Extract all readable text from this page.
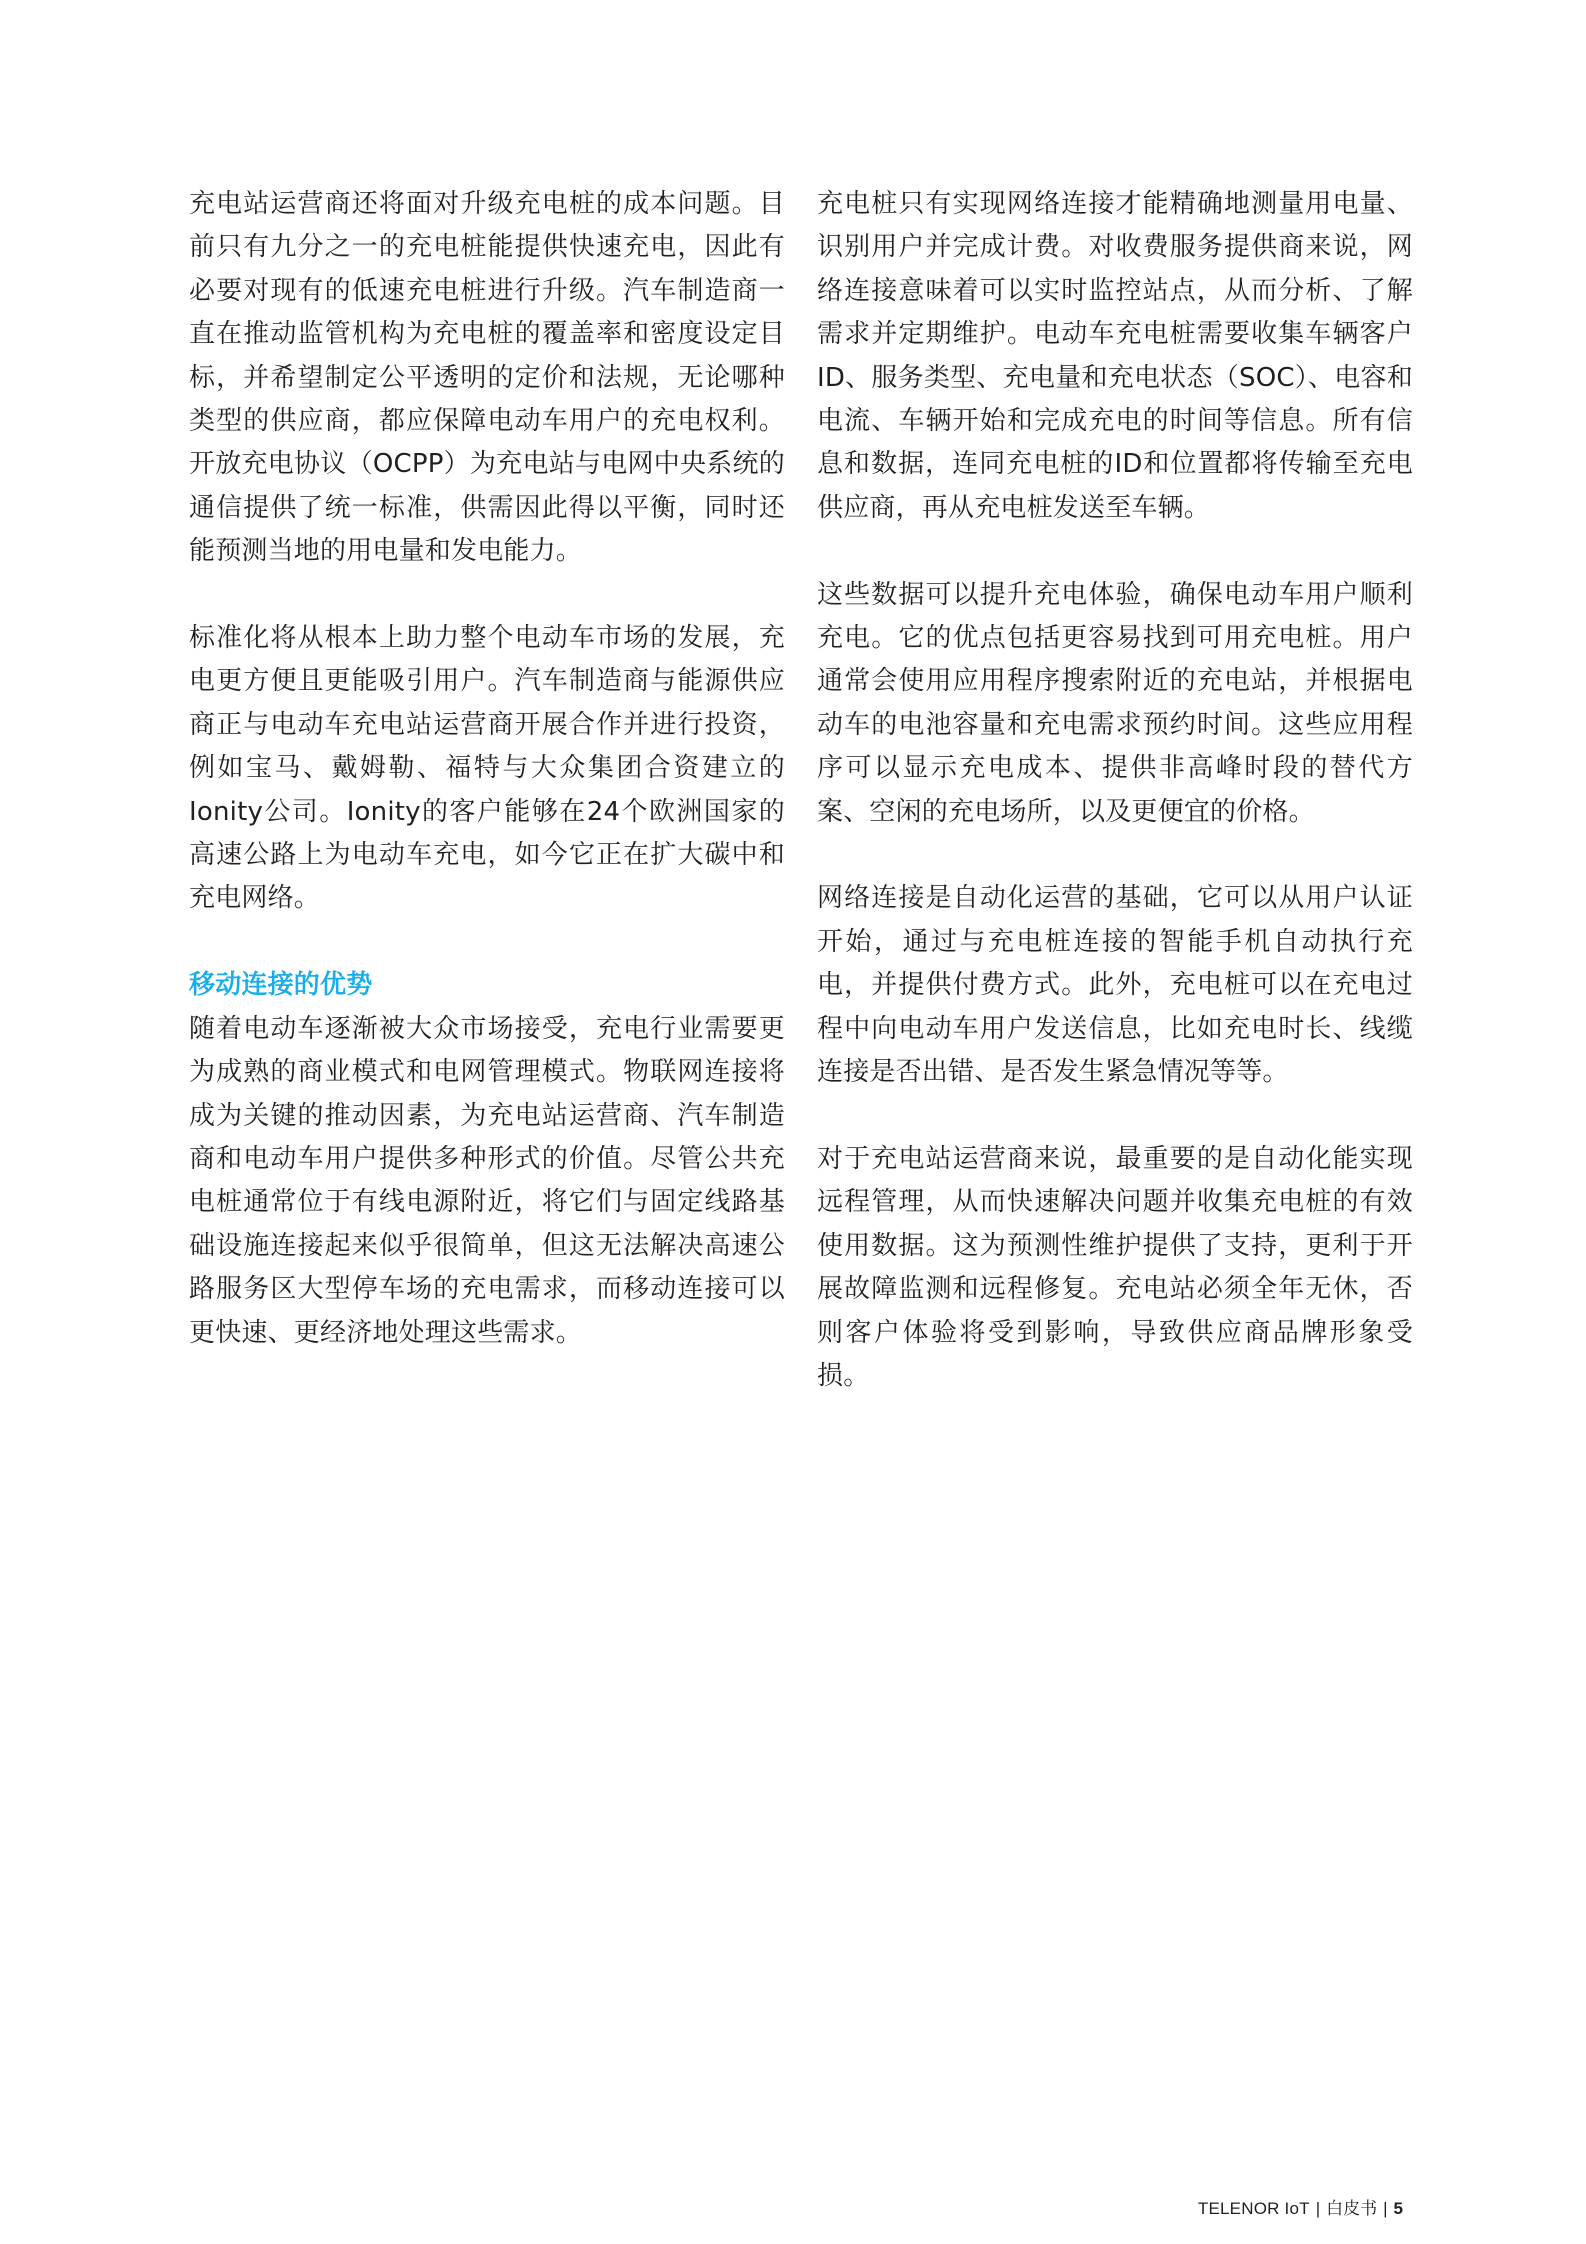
充电站运营商还将面对升级充电桩的成本问题。目前只有九分之一的充电桩能提供快速充电，因此有必要对现有的低速充电桩进行升级。汽车制造商一直在推动监管机构为充电桩的覆盖率和密度设定目标，并希望制定公平透明的定价和法规，无论哪种类型的供应商，都应保障电动车用户的充电权利。开放充电协议（OCPP）为充电站与电网中央系统的通信提供了统一标准，供需因此得以平衡，同时还能预测当地的用电量和发电能力。

标准化将从根本上助力整个电动车市场的发展，充电更方便且更能吸引用户。汽车制造商与能源供应商正与电动车充电站运营商开展合作并进行投资，例如宝马、戴姆勒、福特与大众集团合资建立的Ionity公司。Ionity的客户能够在24个欧洲国家的高速公路上为电动车充电，如今它正在扩大碳中和充电网络。

移动连接的优势

随着电动车逐渐被大众市场接受，充电行业需要更为成熟的商业模式和电网管理模式。物联网连接将成为关键的推动因素，为充电站运营商、汽车制造商和电动车用户提供多种形式的价值。尽管公共充电桩通常位于有线电源附近，将它们与固定线路基础设施连接起来似乎很简单，但这无法解决高速公路服务区大型停车场的充电需求，而移动连接可以更快速、更经济地处理这些需求。

充电桩只有实现网络连接才能精确地测量用电量、识别用户并完成计费。对收费服务提供商来说，网络连接意味着可以实时监控站点，从而分析、了解需求并定期维护。电动车充电桩需要收集车辆客户ID、服务类型、充电量和充电状态（SOC）、电容和电流、车辆开始和完成充电的时间等信息。所有信息和数据，连同充电桩的ID和位置都将传输至充电供应商，再从充电桩发送至车辆。

这些数据可以提升充电体验，确保电动车用户顺利充电。它的优点包括更容易找到可用充电桩。用户通常会使用应用程序搜索附近的充电站，并根据电动车的电池容量和充电需求预约时间。这些应用程序可以显示充电成本、提供非高峰时段的替代方案、空闲的充电场所，以及更便宜的价格。

网络连接是自动化运营的基础，它可以从用户认证开始，通过与充电桩连接的智能手机自动执行充电，并提供付费方式。此外，充电桩可以在充电过程中向电动车用户发送信息，比如充电时长、线缆连接是否出错、是否发生紧急情况等等。

对于充电站运营商来说，最重要的是自动化能实现远程管理，从而快速解决问题并收集充电桩的有效使用数据。这为预测性维护提供了支持，更利于开展故障监测和远程修复。充电站必须全年无休，否则客户体验将受到影响，导致供应商品牌形象受损。

TELENOR IoT | 白皮书 | 5
